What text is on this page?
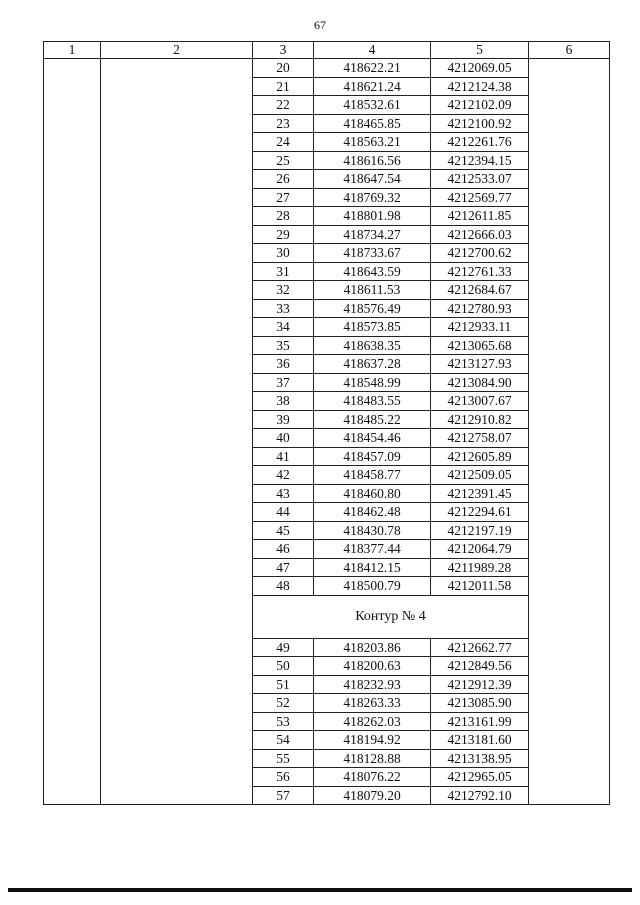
67
1	2	3	4	5	6
		20	418622.21	4212069.05	
		21	418621.24	4212124.38	
		22	418532.61	4212102.09	
		23	418465.85	4212100.92	
		24	418563.21	4212261.76	
		25	418616.56	4212394.15	
		26	418647.54	4212533.07	
		27	418769.32	4212569.77	
		28	418801.98	4212611.85	
		29	418734.27	4212666.03	
		30	418733.67	4212700.62	
		31	418643.59	4212761.33	
		32	418611.53	4212684.67	
		33	418576.49	4212780.93	
		34	418573.85	4212933.11	
		35	418638.35	4213065.68	
		36	418637.28	4213127.93	
		37	418548.99	4213084.90	
		38	418483.55	4213007.67	
		39	418485.22	4212910.82	
		40	418454.46	4212758.07	
		41	418457.09	4212605.89	
		42	418458.77	4212509.05	
		43	418460.80	4212391.45	
		44	418462.48	4212294.61	
		45	418430.78	4212197.19	
		46	418377.44	4212064.79	
		47	418412.15	4211989.28	
		48	418500.79	4212011.58	
		Контур № 4			
		49	418203.86	4212662.77	
		50	418200.63	4212849.56	
		51	418232.93	4212912.39	
		52	418263.33	4213085.90	
		53	418262.03	4213161.99	
		54	418194.92	4213181.60	
		55	418128.88	4213138.95	
		56	418076.22	4212965.05	
		57	418079.20	4212792.10	
